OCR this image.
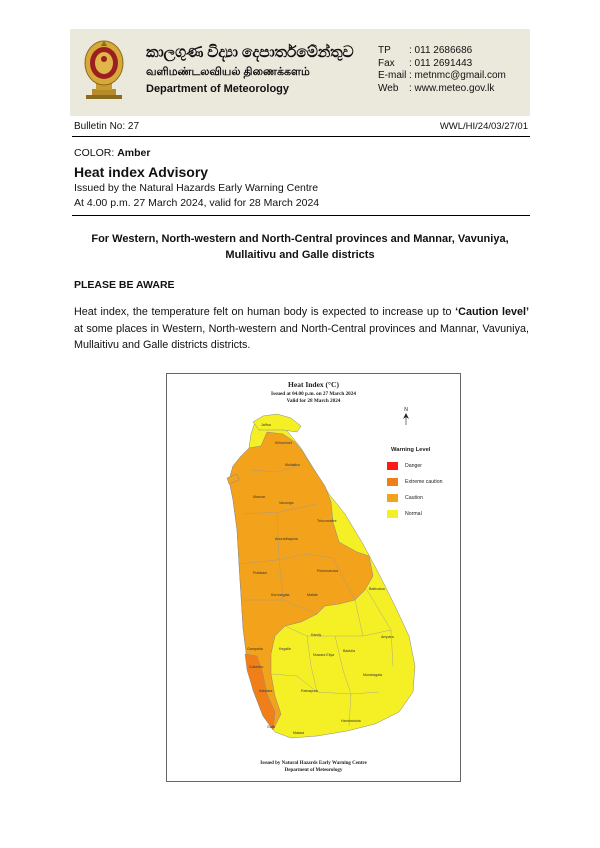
කාලගුණ විද්‍යා දෙපාර්තමේන්තුව
வளிமண்டலவியல் திணைக்களம்
Department of Meteorology
TP	: 011 2686686
Fax	: 011 2691443
E-mail : metnmc@gmail.com
Web	: www.meteo.gov.lk
Bulletin No: 27	WWL/HI/24/03/27/01
COLOR: Amber
Heat index Advisory
Issued by the Natural Hazards Early Warning Centre
At 4.00 p.m. 27 March 2024, valid for 28 March 2024
For Western, North-western and North-Central provinces and Mannar, Vavuniya, Mullaitivu and Galle districts
PLEASE BE AWARE
Heat index, the temperature felt on human body is expected to increase up to ‘Caution level’ at some places in Western, North-western and North-Central provinces and Mannar, Vavuniya, Mullaitivu and Galle districts districts.
Heat Index (°C)
Issued at 04.00 p.m. on 27 March 2024
Valid for 28 March 2024
N
Jaffna
Kilinochchi
Mullaitivu
Mannar
Vavuniya
Trincomalee
Anuradhapura
Puttalam	Polonnaruwa
Batticaloa
Kurunegala	Matale
Kandy	Ampara
Gampaha	Kegalle
Nuwara Eliya
Badulla
Colombo
Monaragala
Kalutara	Ratnapura
Hambantota
Galle
Matara
Warning Level
Danger
Extreme caution
Caution
Normal
Issued by Natural Hazards Early Warning Centre
Deparment of Meteorology
